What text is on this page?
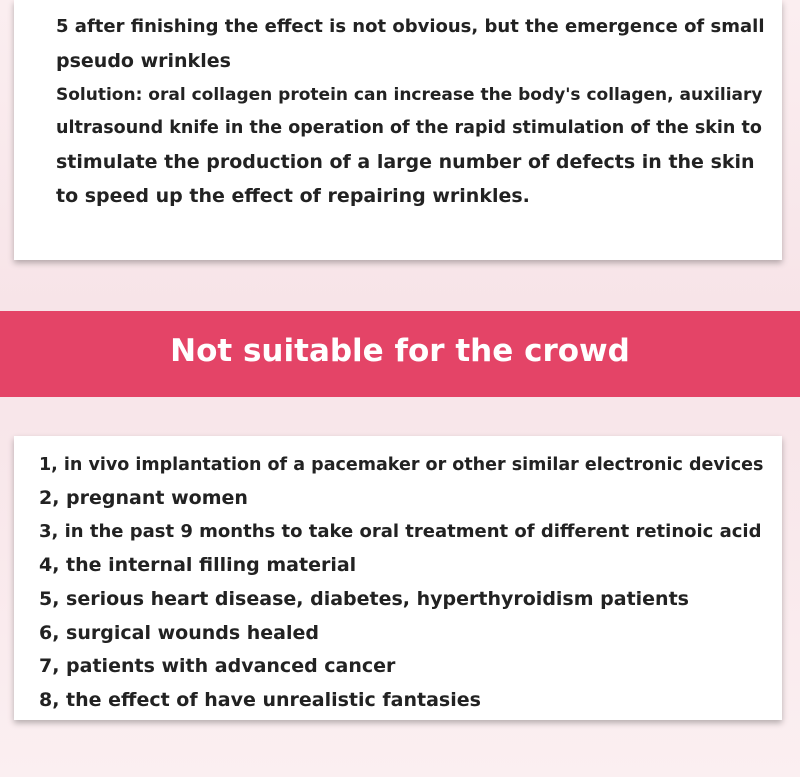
5 after finishing the effect is not obvious, but the emergence of small

pseudo wrinkles

Solution: oral collagen protein can increase the body's collagen, auxiliary

ultrasound knife in the operation of the rapid stimulation of the skin to

stimulate the production of a large number of defects in the skin

to speed up the effect of repairing wrinkles.

Not suitable for the crowd

1, in vivo implantation of a pacemaker or other similar electronic devices

2, pregnant women

3, in the past 9 months to take oral treatment of different retinoic acid

4, the internal filling material

5, serious heart disease, diabetes, hyperthyroidism patients

6, surgical wounds healed

7, patients with advanced cancer

8, the effect of have unrealistic fantasies
